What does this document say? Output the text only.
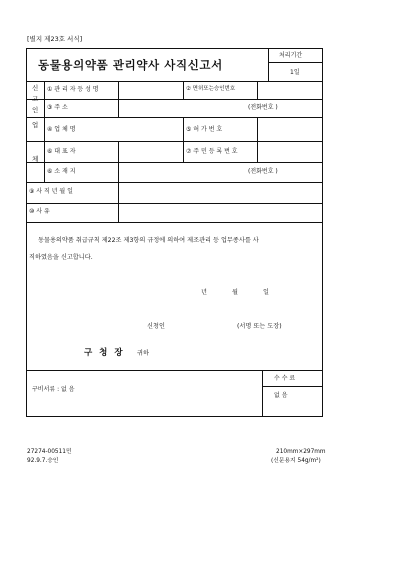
[별지 제23호 서식]
동물용의약품 관리약사 사직신고서
처리기간
1일
신
고
인
① 관 리 자 등 성 명	② 면허또는승인번호
③ 주 소	(전화번호 )
업
체
④ 업 체 명	⑤ 허 가 번 호
⑥ 대 표 자	⑦ 주 민 등 록 번 호
⑥ 소 재 지	(전화번호 )
⑨ 사 직 년 월 일
⑩ 사 유
동물용의약품 취급규칙 제22조 제3항의 규정에 의하여 제조관리 등 업무종사를 사
직하였음을 신고합니다.
년	월	일
신청인	(서명 또는 도장)
구 청 장 귀하
구비서류 : 없 음
수 수 료
없 음
27274-00511민
92.9.7.승인
210mm×297mm
(신문용지 54g/m²)
